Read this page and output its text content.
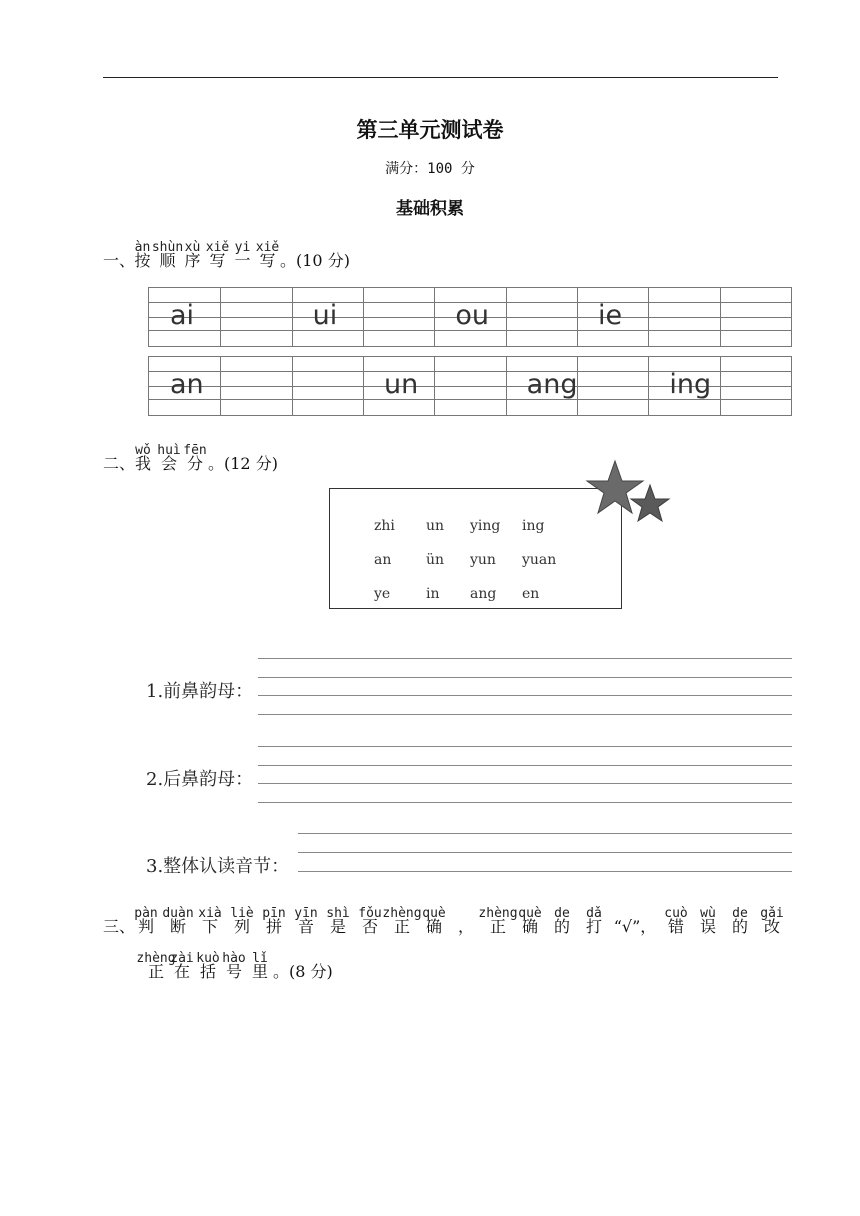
第三单元测试卷
满分：100 分
基础积累
一、按
àn
顺
shùn
序
xù
写
xiě
一
yi
写
xiě
。(10 分)
ai	ui	ou	ie
an	un	ang	ing
二、我
wǒ
会
huì
分
fēn
。(12 分)
zhi un ying ing
an ün yun yuan
ye	in ang en
1.前鼻韵母：
2.后鼻韵母：
3.整体认读音节：
三、 判
pàn
断
duàn
下
xià
列
liè
拼
pīn
音
yīn
是
shì
否
fǒu
正
zhèng
确
què
， 正
zhèng
确
què
的
de
打
dǎ
“√”， 错
cuò
误
wù
的
de
改
gǎi
正
zhèng
在
zài
括
kuò
号
hào
里
lǐ
。(8 分)
